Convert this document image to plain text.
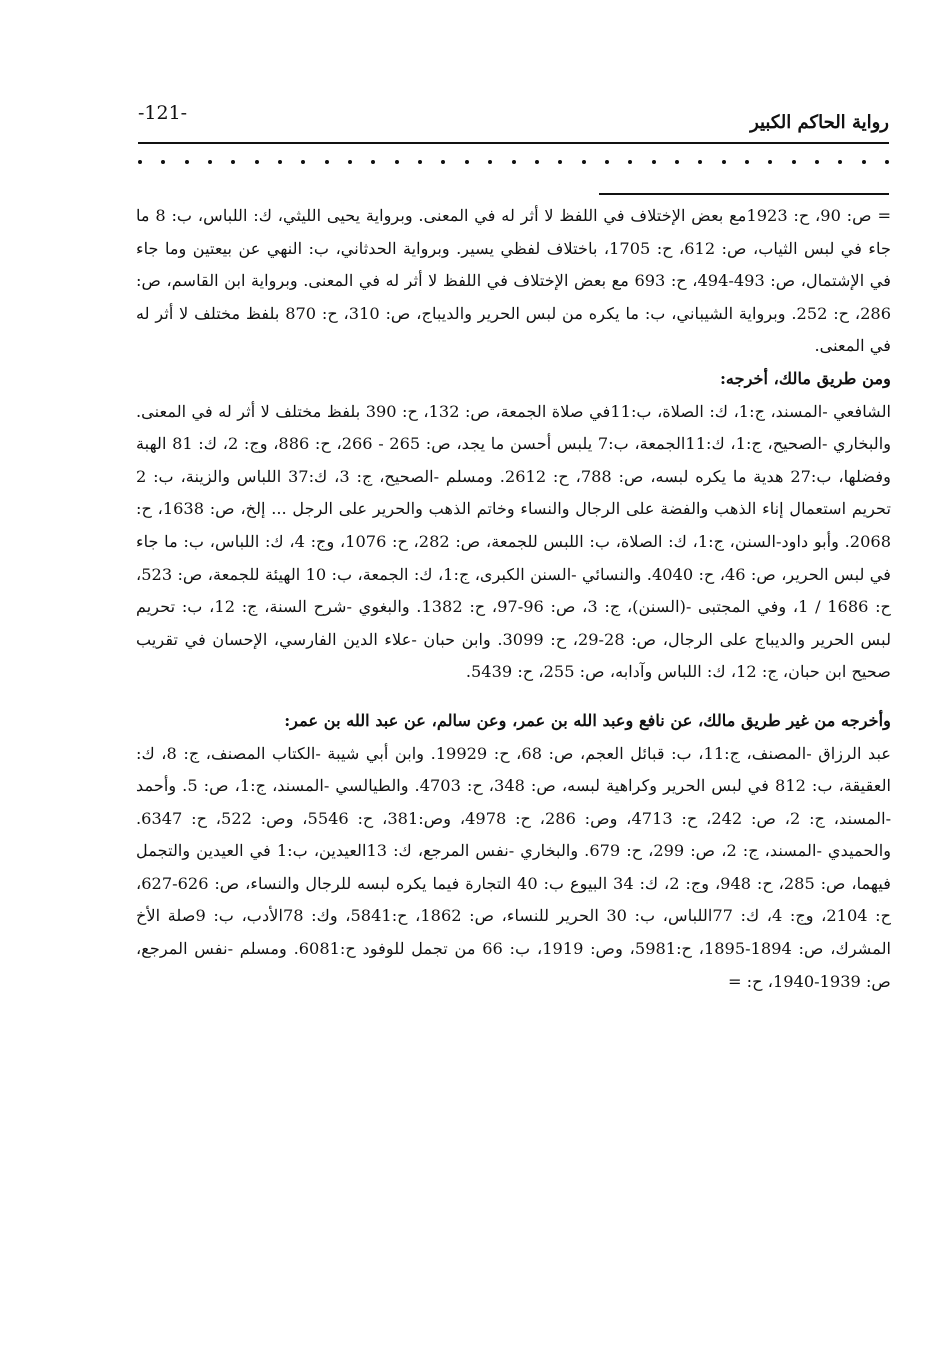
رواية الحاكم الكبير
-121-

= ص: 90، ح: 1923مع بعض الإختلاف في اللفظ لا أثر له في المعنى. وبرواية يحيى الليثي، ك: اللباس، ب: 8 ما جاء في لبس الثياب، ص: 612، ح: 1705، باختلاف لفظي يسير. وبرواية الحدثاني، ب: النهي عن بيعتين وما جاء في الإشتمال، ص: 493-494، ح: 693 مع بعض الإختلاف في اللفظ لا أثر له في المعنى. وبرواية ابن القاسم، ص: 286، ح: 252. وبرواية الشيباني، ب: ما يكره من لبس الحرير والديباج، ص: 310، ح: 870 بلفظ مختلف لا أثر له في المعنى.

ومن طريق مالك، أخرجه:

الشافعي -المسند، ج:1، ك: الصلاة، ب:11في صلاة الجمعة، ص: 132، ح: 390 بلفظ مختلف لا أثر له في المعنى. والبخاري -الصحيح، ج:1، ك:11الجمعة، ب:7 يلبس أحسن ما يجد، ص: 265 - 266، ح: 886، وج: 2، ك: 81 الهبة وفضلها، ب:27 هدية ما يكره لبسه، ص: 788، ح: 2612. ومسلم -الصحيح، ج: 3، ك:37 اللباس والزينة، ب: 2 تحريم استعمال إناء الذهب والفضة على الرجال والنساء وخاتم الذهب والحرير على الرجل ... إلخ، ص: 1638، ح: 2068. وأبو داود-السنن، ج:1، ك: الصلاة، ب: اللبس للجمعة، ص: 282، ح: 1076، وج: 4، ك: اللباس، ب: ما جاء في لبس الحرير، ص: 46، ح: 4040. والنسائي -السنن الكبرى، ج:1، ك: الجمعة، ب: 10 الهيئة للجمعة، ص: 523، ح: 1686 / 1، وفي المجتبى -(السنن)، ج: 3، ص: 96-97، ح: 1382. والبغوي -شرح السنة، ج: 12، ب: تحريم لبس الحرير والديباج على الرجال، ص: 28-29، ح: 3099. وابن حبان -علاء الدين الفارسي، الإحسان في تقريب صحيح ابن حبان، ج: 12، ك: اللباس وآدابه، ص: 255، ح: 5439.

وأخرجه من غير طريق مالك، عن نافع وعبد الله بن عمر، وعن سالم، عن عبد الله بن عمر:

عبد الرزاق -المصنف، ج:11، ب: قبائل العجم، ص: 68، ح: 19929. وابن أبي شيبة -الكتاب المصنف، ج: 8، ك: العقيقة، ب: 812 في لبس الحرير وكراهية لبسه، ص: 348، ح: 4703. والطيالسي -المسند، ج:1، ص: 5. وأحمد -المسند، ج: 2، ص: 242، ح: 4713، وص: 286، ح: 4978، وص:381، ح: 5546، وص: 522، ح: 6347. والحميدي -المسند، ج: 2، ص: 299، ح: 679. والبخاري -نفس المرجع، ك: 13العيدين، ب:1 في العيدين والتجمل فيهما، ص: 285، ح: 948، وج: 2، ك: 34 البيوع ب: 40 التجارة فيما يكره لبسه للرجال والنساء، ص: 626-627، ح: 2104، وج: 4، ك: 77اللباس، ب: 30 الحرير للنساء، ص: 1862، ح:5841، وك: 78الأدب، ب: 9صلة الأخ المشرك، ص: 1894-1895، ح:5981، وص: 1919، ب: 66 من تجمل للوفود ح:6081. ومسلم -نفس المرجع، ص: 1939-1940، ح: =
